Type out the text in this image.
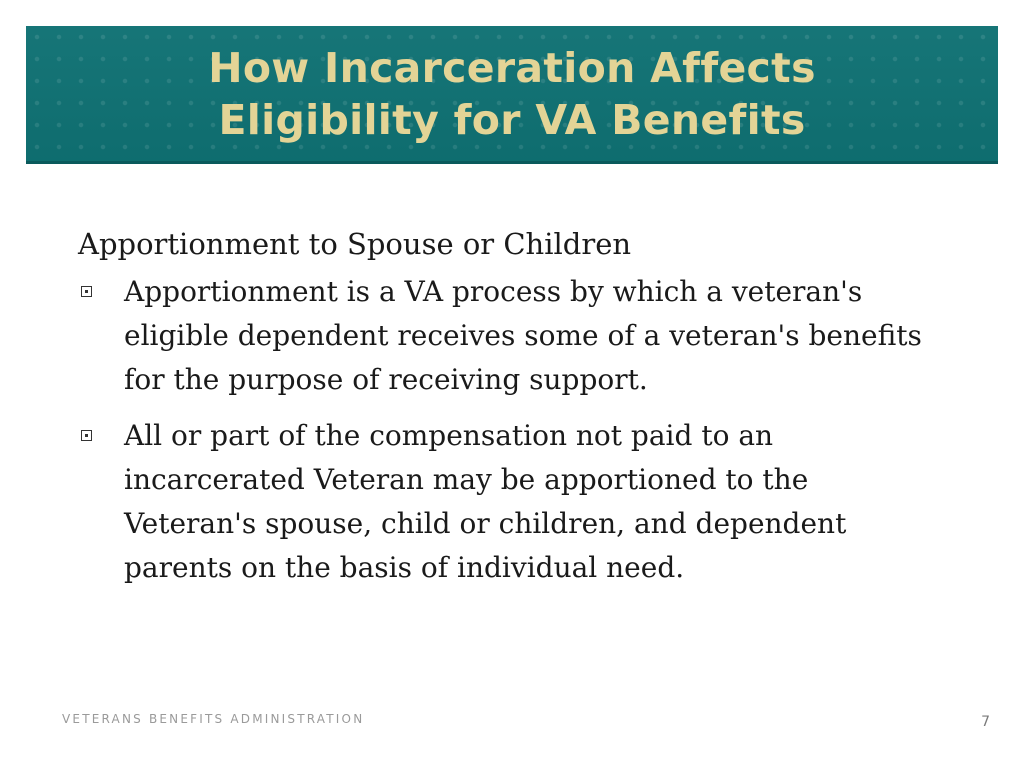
How Incarceration Affects
Eligibility for VA Benefits
Apportionment to Spouse or Children
Apportionment is a VA process by which a veteran's eligible dependent receives some of a veteran's benefits for the purpose of receiving support.
All or part of the compensation not paid to an incarcerated Veteran may be apportioned to the Veteran's spouse, child or children, and dependent parents on the basis of individual need.
VETERANS BENEFITS ADMINISTRATION	7
